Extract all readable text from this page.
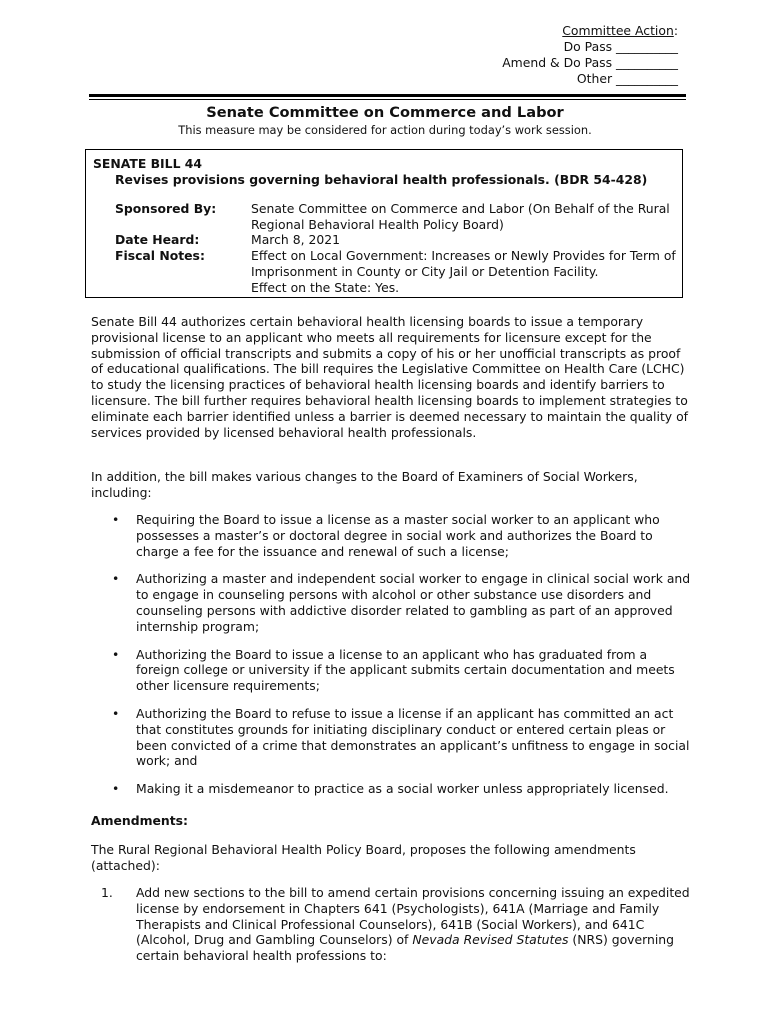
Committee Action:
Do Pass __________
Amend & Do Pass __________
Other __________
Senate Committee on Commerce and Labor
This measure may be considered for action during today’s work session.
SENATE BILL 44
Revises provisions governing behavioral health professionals. (BDR 54-428)
Sponsored By:	Senate Committee on Commerce and Labor (On Behalf of the Rural Regional Behavioral Health Policy Board)
Date Heard:	March 8, 2021
Fiscal Notes:	Effect on Local Government: Increases or Newly Provides for Term of Imprisonment in County or City Jail or Detention Facility.
Effect on the State: Yes.
Senate Bill 44 authorizes certain behavioral health licensing boards to issue a temporary provisional license to an applicant who meets all requirements for licensure except for the submission of official transcripts and submits a copy of his or her unofficial transcripts as proof of educational qualifications. The bill requires the Legislative Committee on Health Care (LCHC) to study the licensing practices of behavioral health licensing boards and identify barriers to licensure. The bill further requires behavioral health licensing boards to implement strategies to eliminate each barrier identified unless a barrier is deemed necessary to maintain the quality of services provided by licensed behavioral health professionals.
In addition, the bill makes various changes to the Board of Examiners of Social Workers, including:
• Requiring the Board to issue a license as a master social worker to an applicant who possesses a master’s or doctoral degree in social work and authorizes the Board to charge a fee for the issuance and renewal of such a license;
• Authorizing a master and independent social worker to engage in clinical social work and to engage in counseling persons with alcohol or other substance use disorders and counseling persons with addictive disorder related to gambling as part of an approved internship program;
• Authorizing the Board to issue a license to an applicant who has graduated from a foreign college or university if the applicant submits certain documentation and meets other licensure requirements;
• Authorizing the Board to refuse to issue a license if an applicant has committed an act that constitutes grounds for initiating disciplinary conduct or entered certain pleas or been convicted of a crime that demonstrates an applicant’s unfitness to engage in social work; and
• Making it a misdemeanor to practice as a social worker unless appropriately licensed.
Amendments:
The Rural Regional Behavioral Health Policy Board, proposes the following amendments (attached):
1. Add new sections to the bill to amend certain provisions concerning issuing an expedited license by endorsement in Chapters 641 (Psychologists), 641A (Marriage and Family Therapists and Clinical Professional Counselors), 641B (Social Workers), and 641C (Alcohol, Drug and Gambling Counselors) of Nevada Revised Statutes (NRS) governing certain behavioral health professions to:
